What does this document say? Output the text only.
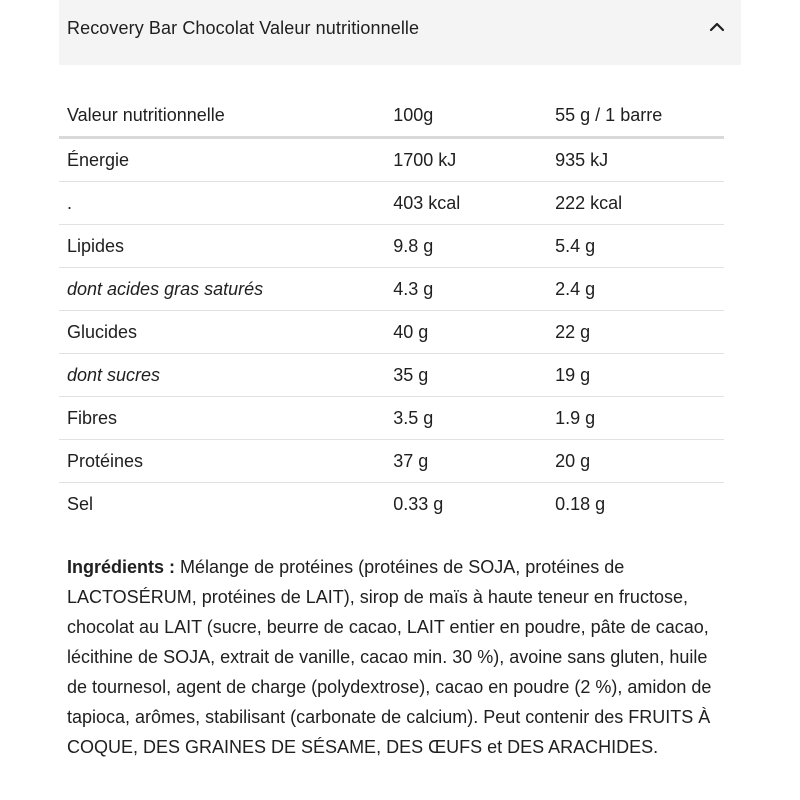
Recovery Bar Chocolat Valeur nutritionnelle
Valeur nutritionnelle	100g	55 g / 1 barre
Énergie	1700 kJ	935 kJ
.	403 kcal	222 kcal
Lipides	9.8 g	5.4 g
dont acides gras saturés	4.3 g	2.4 g
Glucides	40 g	22 g
dont sucres	35 g	19 g
Fibres	3.5 g	1.9 g
Protéines	37 g	20 g
Sel	0.33 g	0.18 g

Ingrédients : Mélange de protéines (protéines de SOJA, protéines de LACTOSÉRUM, protéines de LAIT), sirop de maïs à haute teneur en fructose, chocolat au LAIT (sucre, beurre de cacao, LAIT entier en poudre, pâte de cacao, lécithine de SOJA, extrait de vanille, cacao min. 30 %), avoine sans gluten, huile de tournesol, agent de charge (polydextrose), cacao en poudre (2 %), amidon de tapioca, arômes, stabilisant (carbonate de calcium). Peut contenir des FRUITS À COQUE, DES GRAINES DE SÉSAME, DES ŒUFS et DES ARACHIDES.
